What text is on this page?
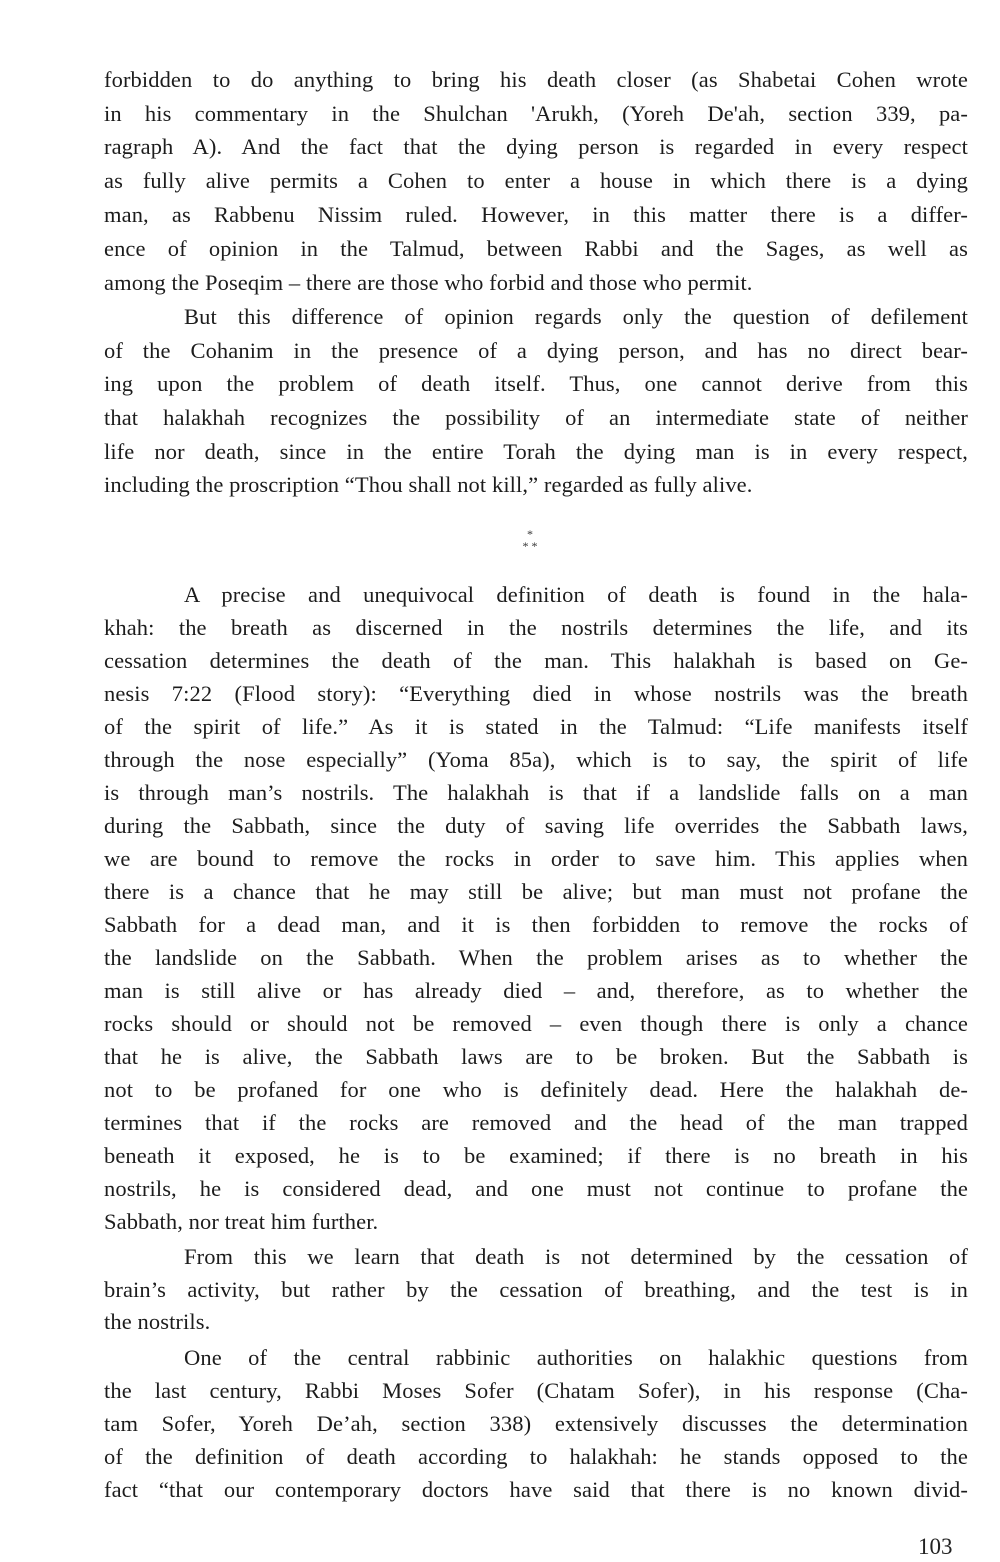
forbidden to do anything to bring his death closer (as Shabetai Cohen wrote
in his commentary in the Shulchan 'Arukh, (Yoreh De'ah, section 339, pa-
ragraph A). And the fact that the dying person is regarded in every respect
as fully alive permits a Cohen to enter a house in which there is a dying
man, as Rabbenu Nissim ruled. However, in this matter there is a differ-
ence of opinion in the Talmud, between Rabbi and the Sages, as well as
among the Poseqim – there are those who forbid and those who permit.
But this difference of opinion regards only the question of defilement
of the Cohanim in the presence of a dying person, and has no direct bear-
ing upon the problem of death itself. Thus, one cannot derive from this
that halakhah recognizes the possibility of an intermediate state of neither
life nor death, since in the entire Torah the dying man is in every respect,
including the proscription “Thou shall not kill,” regarded as fully alive.
*
* *
A precise and unequivocal definition of death is found in the hala-
khah: the breath as discerned in the nostrils determines the life, and its
cessation determines the death of the man. This halakhah is based on Ge-
nesis 7:22 (Flood story): “Everything died in whose nostrils was the breath
of the spirit of life.” As it is stated in the Talmud: “Life manifests itself
through the nose especially” (Yoma 85a), which is to say, the spirit of life
is through man’s nostrils. The halakhah is that if a landslide falls on a man
during the Sabbath, since the duty of saving life overrides the Sabbath laws,
we are bound to remove the rocks in order to save him. This applies when
there is a chance that he may still be alive; but man must not profane the
Sabbath for a dead man, and it is then forbidden to remove the rocks of
the landslide on the Sabbath. When the problem arises as to whether the
man is still alive or has already died – and, therefore, as to whether the
rocks should or should not be removed – even though there is only a chance
that he is alive, the Sabbath laws are to be broken. But the Sabbath is
not to be profaned for one who is definitely dead. Here the halakhah de-
termines that if the rocks are removed and the head of the man trapped
beneath it exposed, he is to be examined; if there is no breath in his
nostrils, he is considered dead, and one must not continue to profane the
Sabbath, nor treat him further.
From this we learn that death is not determined by the cessation of
brain’s activity, but rather by the cessation of breathing, and the test is in
the nostrils.
One of the central rabbinic authorities on halakhic questions from
the last century, Rabbi Moses Sofer (Chatam Sofer), in his response (Cha-
tam Sofer, Yoreh De’ah, section 338) extensively discusses the determination
of the definition of death according to halakhah: he stands opposed to the
fact “that our contemporary doctors have said that there is no known divid-
103
